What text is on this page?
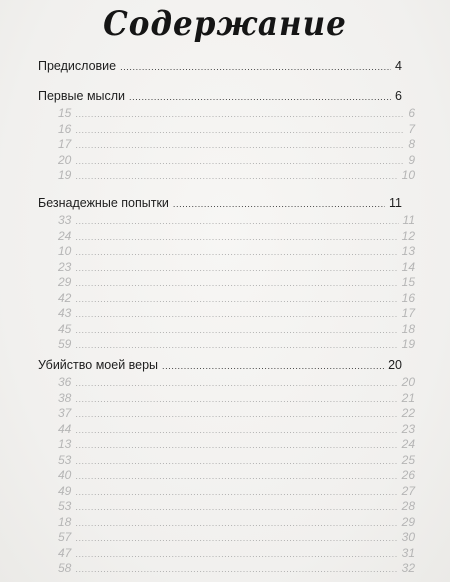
Содержание
Предисловие .....	4
Первые мысли .....	6
15 .....	6
16 .....	7
17 .....	8
20 .....	9
19 .....	10
Безнадежные попытки .....	11
33 .....	11
24 .....	12
10 .....	13
23 .....	14
29 .....	15
42 .....	16
43 .....	17
45 .....	18
59 .....	19
Убийство моей веры .....	20
36 .....	20
38 .....	21
37 .....	22
44 .....	23
13 .....	24
53 .....	25
40 .....	26
49 .....	27
53 .....	28
18 .....	29
57 .....	30
47 .....	31
58 .....	32
